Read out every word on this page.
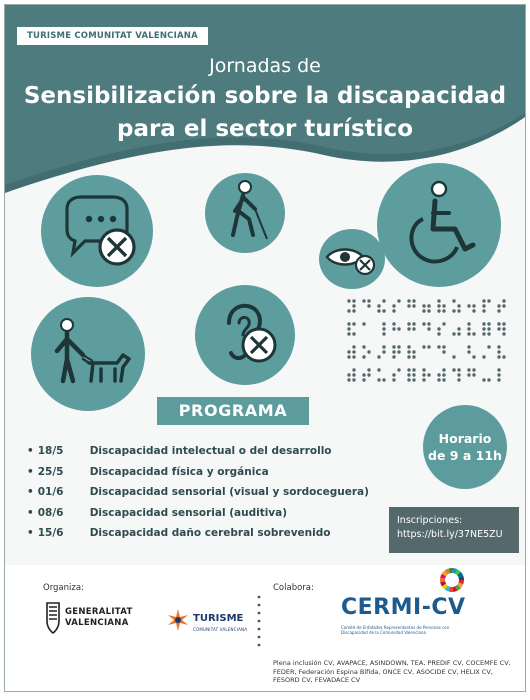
TURISME COMUNITAT VALENCIANA
Jornadas de
Sensibilización sobre la discapacidad
para el sector turístico
PROGRAMA
Horario
de 9 a 11h
• 18/5	Discapacidad intelectual o del desarrollo
• 25/5	Discapacidad física y orgánica
• 01/6	Discapacidad sensorial (visual y sordoceguera)
• 08/6	Discapacidad sensorial (auditiva)
• 15/6	Discapacidad daño cerebral sobrevenido
Inscripciones:
https://bit.ly/37NE5ZU
Organiza:	Colabora:
GENERALITAT
VALENCIANA	TURISME
COMUNITAT VALENCIANA
CERMI-CV
Comité de Entidades Representantes de Personas con Discapacidad de la Comunidad Valenciana
Plena inclusión CV, AVAPACE, ASINDOWN, TEA, PREDIF CV, COCEMFE CV, FEDER, Federación Espina Bífida, ONCE CV, ASOCIDE CV, HELIX CV, FESORD CV, FEVADACE CV
